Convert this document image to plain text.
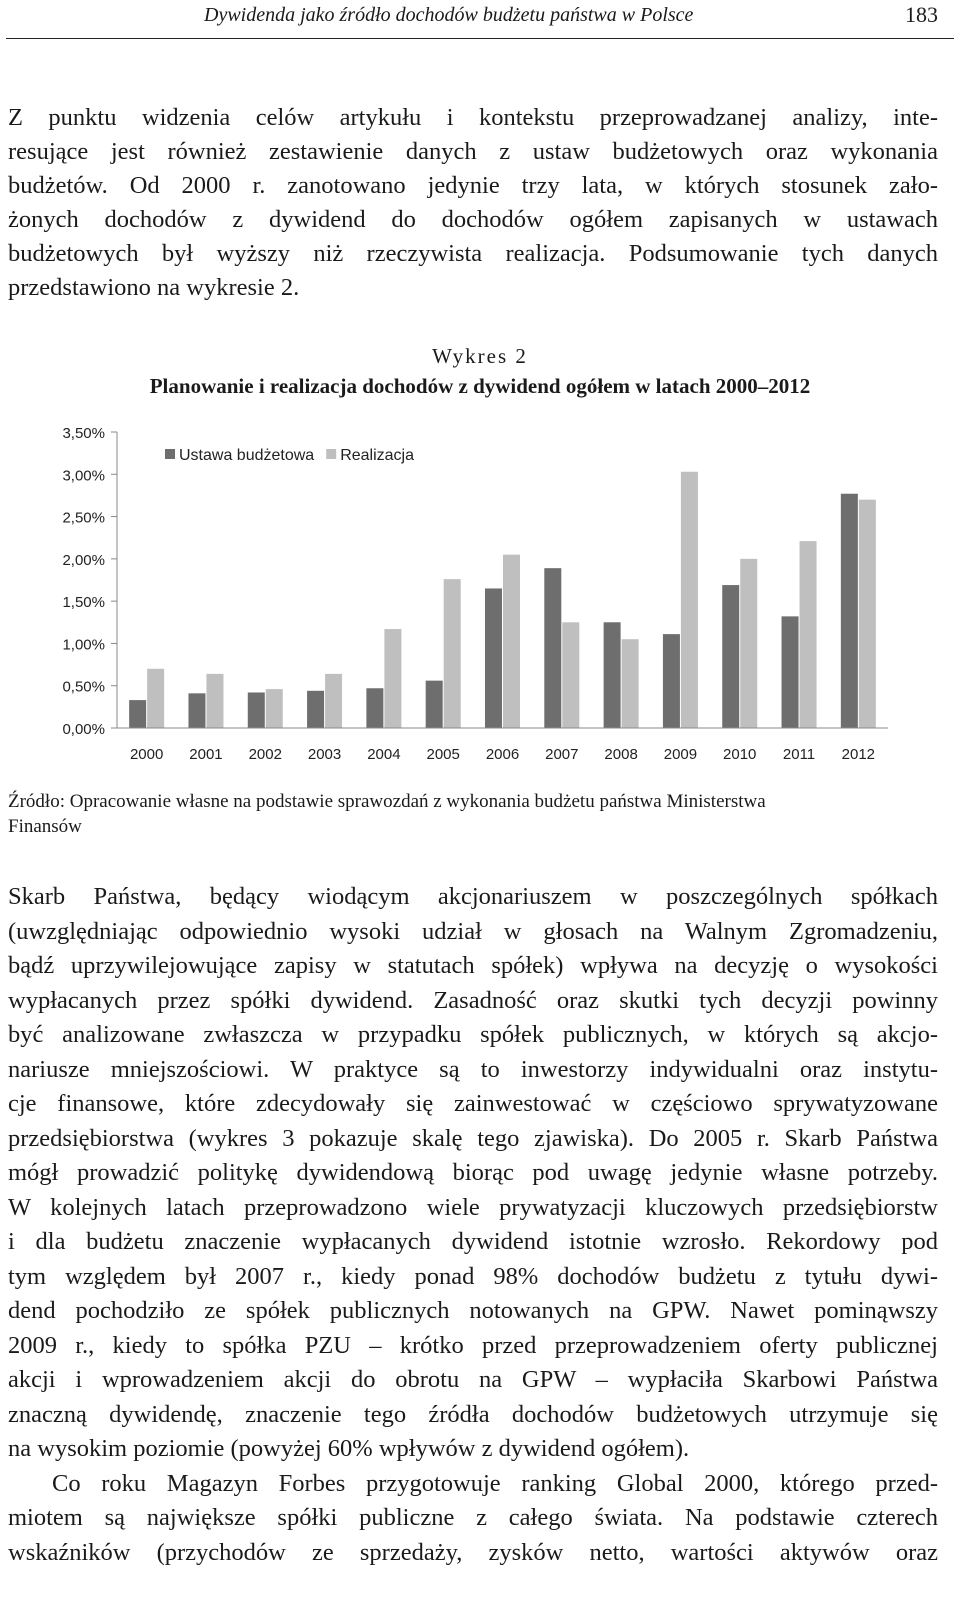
Dywidenda jako źródło dochodów budżetu państwa w Polsce	183
Z punktu widzenia celów artykułu i kontekstu przeprowadzanej analizy, inte-
resujące jest również zestawienie danych z ustaw budżetowych oraz wykonania
budżetów. Od 2000 r. zanotowano jedynie trzy lata, w których stosunek zało-
żonych dochodów z dywidend do dochodów ogółem zapisanych w ustawach
budżetowych był wyższy niż rzeczywista realizacja. Podsumowanie tych danych
przedstawiono na wykresie 2.
Wykres 2
Planowanie i realizacja dochodów z dywidend ogółem w latach 2000–2012
0,00%
0,50%
1,00%
1,50%
2,00%
2,50%
3,00%
3,50%
2000 2001 2002 2003 2004 2005 2006 2007 2008 2009 2010 2011 2012
Ustawa budżetowa Realizacja
Źródło: Opracowanie własne na podstawie sprawozdań z wykonania budżetu państwa Ministerstwa
Finansów
Skarb Państwa, będący wiodącym akcjonariuszem w poszczególnych spółkach
(uwzględniając odpowiednio wysoki udział w głosach na Walnym Zgromadzeniu,
bądź uprzywilejowujące zapisy w statutach spółek) wpływa na decyzję o wysokości
wypłacanych przez spółki dywidend. Zasadność oraz skutki tych decyzji powinny
być analizowane zwłaszcza w przypadku spółek publicznych, w których są akcjo-
nariusze mniejszościowi. W praktyce są to inwestorzy indywidualni oraz instytu-
cje finansowe, które zdecydowały się zainwestować w częściowo sprywatyzowane
przedsiębiorstwa (wykres 3 pokazuje skalę tego zjawiska). Do 2005 r. Skarb Państwa
mógł prowadzić politykę dywidendową biorąc pod uwagę jedynie własne potrzeby.
W kolejnych latach przeprowadzono wiele prywatyzacji kluczowych przedsiębiorstw
i dla budżetu znaczenie wypłacanych dywidend istotnie wzrosło. Rekordowy pod
tym względem był 2007 r., kiedy ponad 98% dochodów budżetu z tytułu dywi-
dend pochodziło ze spółek publicznych notowanych na GPW. Nawet pominąwszy
2009 r., kiedy to spółka PZU – krótko przed przeprowadzeniem oferty publicznej
akcji i wprowadzeniem akcji do obrotu na GPW – wypłaciła Skarbowi Państwa
znaczną dywidendę, znaczenie tego źródła dochodów budżetowych utrzymuje się
na wysokim poziomie (powyżej 60% wpływów z dywidend ogółem).
Co roku Magazyn Forbes przygotowuje ranking Global 2000, którego przed-
miotem są największe spółki publiczne z całego świata. Na podstawie czterech
wskaźników (przychodów ze sprzedaży, zysków netto, wartości aktywów oraz
